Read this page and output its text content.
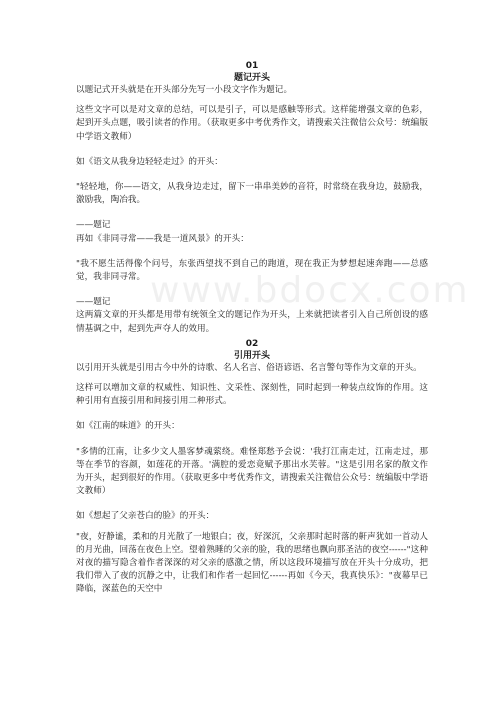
www.bdocx.com
01
题记开头

以题记式开头就是在开头部分先写一小段文字作为题记。

这些文字可以是对文章的总结，可以是引子，可以是感触等形式。这样能增强文章的色彩，起到开头点题，吸引读者的作用。（获取更多中考优秀作文，请搜索关注微信公众号：统编版中学语文教师）

如《语文从我身边轻轻走过》的开头：

"轻轻地，你——语文，从我身边走过，留下一串串美妙的音符，时常绕在我身边，鼓励我，激励我，陶冶我。

——题记

再如《非同寻常——我是一道风景》的开头：

"我不愿生活得像个问号，东张西望找不到自己的跑道，现在我正为梦想起速奔跑——总感觉，我非同寻常。

——题记

这两篇文章的开头都是用带有统领全文的题记作为开头，上来就把读者引入自己所创设的感情基调之中，起到先声夺人的效用。

02
引用开头

以引用开头就是引用古今中外的诗歌、名人名言、俗语谚语、名言警句等作为文章的开头。

这样可以增加文章的权威性、知识性、文采性、深刻性，同时起到一种装点纹饰的作用。这种引用有直接引用和间接引用二种形式。

如《江南的味道》的开头：

"多情的江南，让多少文人墨客梦魂萦绕。难怪郑愁予会说：'我打江南走过，江南走过，那等在季节的容颜，如莲花的开落。'满腔的爱恋竟赋予那出水芙蓉。"这是引用名家的散文作为开头，起到很好的作用。（获取更多中考优秀作文，请搜索关注微信公众号：统编版中学语文教师）

如《想起了父亲苍白的脸》的开头：

"夜，好静谧，柔和的月光散了一地银白；夜，好深沉，父亲那时起时落的鼾声犹如一首动人的月光曲，回荡在夜色上空。望着熟睡的父亲的脸，我的思绪也飘向那圣洁的夜空------"这种对夜的描写隐含着作者深深的对父亲的感激之情，所以这段环境描写放在开头十分成功，把我们带入了夜的沉静之中，让我们和作者一起回忆------再如《今天，我真快乐》："夜幕早已降临，深蓝色的天空中
